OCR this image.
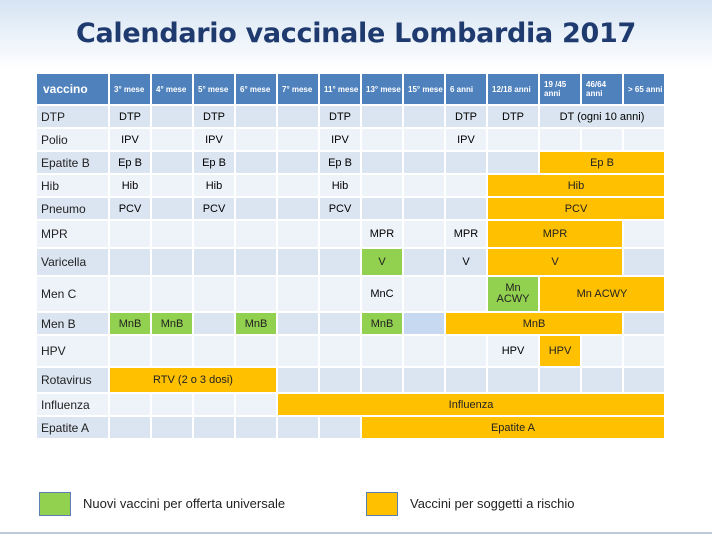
Calendario vaccinale Lombardia 2017
vaccino	3° mese	4° mese	5° mese	6° mese	7° mese	11° mese	13° mese	15° mese	6 anni	12/18 anni	19 /45 anni	46/64 anni	> 65 anni
DTP	DTP		DTP			DTP			DTP	DTP	DT (ogni 10 anni)		
Polio	IPV		IPV			IPV			IPV				
Epatite B	Ep B		Ep B			Ep B					Ep B		
Hib	Hib		Hib			Hib				Hib			
Pneumo	PCV		PCV			PCV				PCV			
MPR							MPR		MPR	MPR			
Varicella							V		V	V			
Men C							MnC			Mn ACWY	Mn ACWY		
Men B	MnB	MnB		MnB			MnB		MnB				
HPV										HPV	HPV		
Rotavirus	RTV (2 o 3 dosi)												
Influenza					Influenza								
Epatite A							Epatite A						
Nuovi vaccini per offerta universale	Vaccini per soggetti a rischio
